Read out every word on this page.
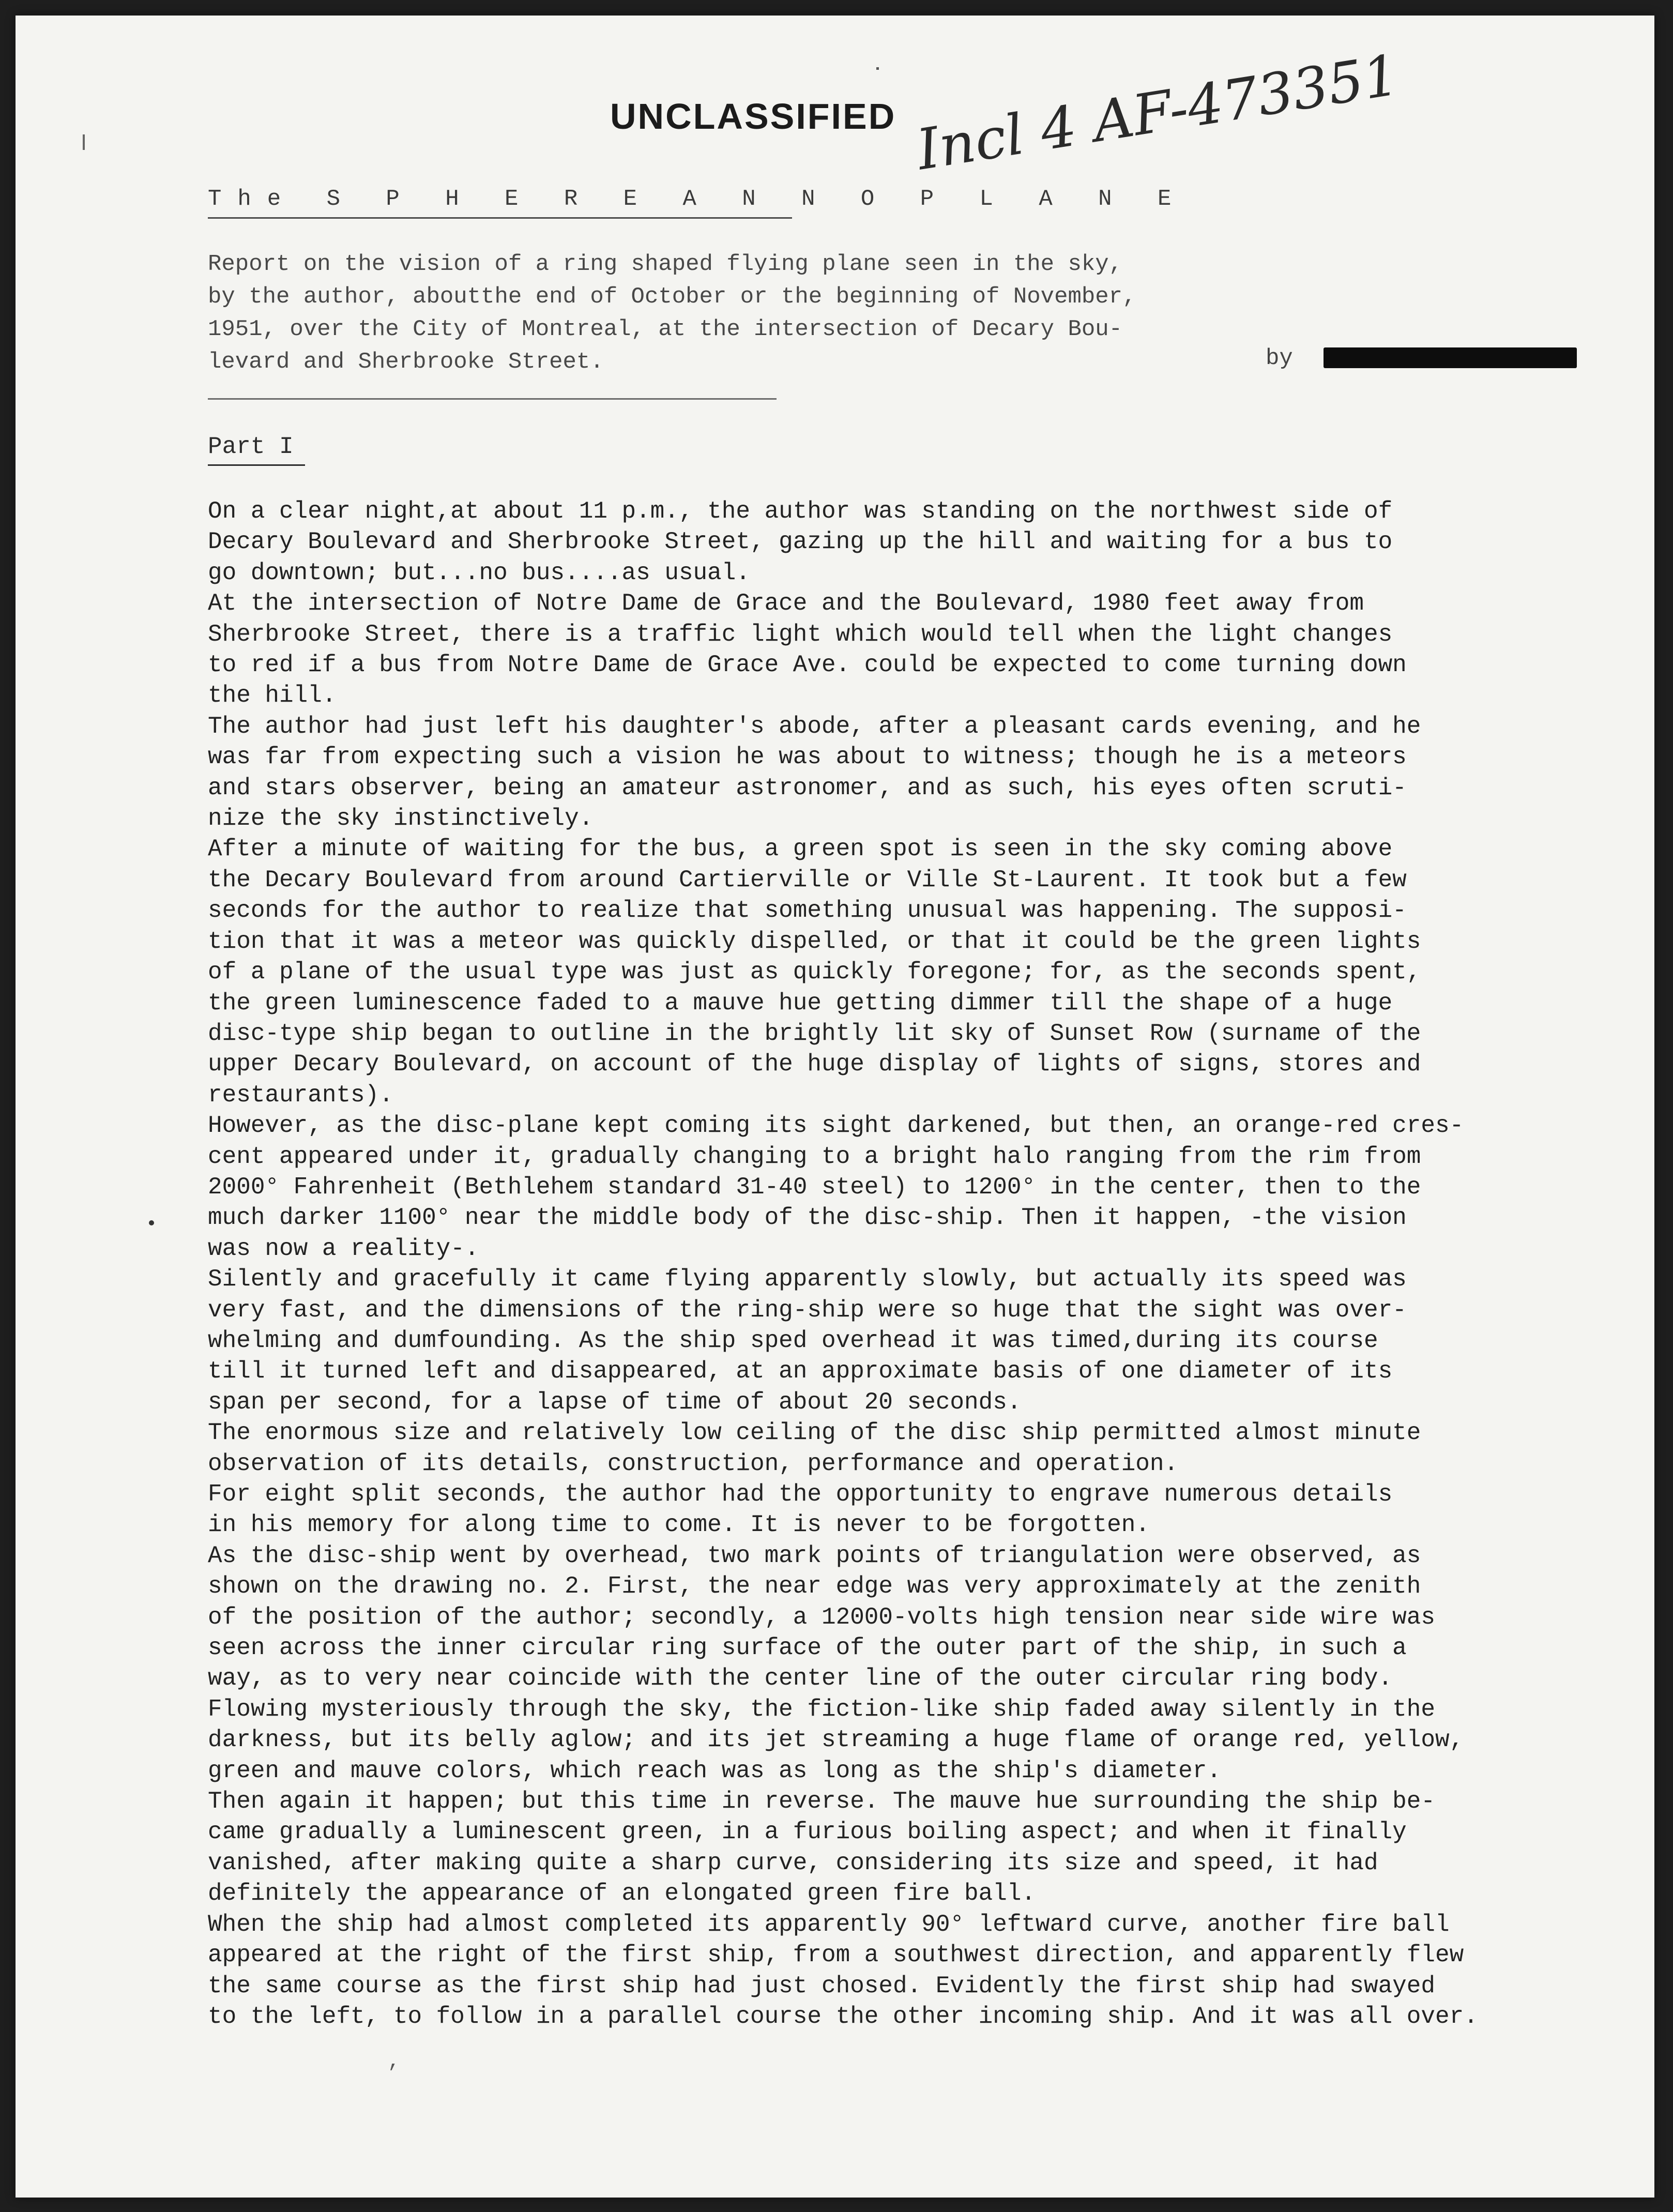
UNCLASSIFIED Incl 4 AF-473351
The S P H E R E A N N O P L A N E
Report on the vision of a ring shaped flying plane seen in the sky,
by the author, aboutthe end of October or the beginning of November,
1951, over the City of Montreal, at the intersection of Decary Bou-
levard and Sherbrooke Street.	by
Part I
On a clear night,at about 11 p.m., the author was standing on the northwest side of
Decary Boulevard and Sherbrooke Street, gazing up the hill and waiting for a bus to
go downtown; but...no bus....as usual.
At the intersection of Notre Dame de Grace and the Boulevard, 1980 feet away from
Sherbrooke Street, there is a traffic light which would tell when the light changes
to red if a bus from Notre Dame de Grace Ave. could be expected to come turning down
the hill.
The author had just left his daughter's abode, after a pleasant cards evening, and he
was far from expecting such a vision he was about to witness; though he is a meteors
and stars observer, being an amateur astronomer, and as such, his eyes often scruti-
nize the sky instinctively.
After a minute of waiting for the bus, a green spot is seen in the sky coming above
the Decary Boulevard from around Cartierville or Ville St-Laurent. It took but a few
seconds for the author to realize that something unusual was happening. The supposi-
tion that it was a meteor was quickly dispelled, or that it could be the green lights
of a plane of the usual type was just as quickly foregone; for, as the seconds spent,
the green luminescence faded to a mauve hue getting dimmer till the shape of a huge
disc-type ship began to outline in the brightly lit sky of Sunset Row (surname of the
upper Decary Boulevard, on account of the huge display of lights of signs, stores and
restaurants).
However, as the disc-plane kept coming its sight darkened, but then, an orange-red cres-
cent appeared under it, gradually changing to a bright halo ranging from the rim from
2000° Fahrenheit (Bethlehem standard 31-40 steel) to 1200° in the center, then to the
much darker 1100° near the middle body of the disc-ship. Then it happen, -the vision
was now a reality-.
Silently and gracefully it came flying apparently slowly, but actually its speed was
very fast, and the dimensions of the ring-ship were so huge that the sight was over-
whelming and dumfounding. As the ship sped overhead it was timed,during its course
till it turned left and disappeared, at an approximate basis of one diameter of its
span per second, for a lapse of time of about 20 seconds.
The enormous size and relatively low ceiling of the disc ship permitted almost minute
observation of its details, construction, performance and operation.
For eight split seconds, the author had the opportunity to engrave numerous details
in his memory for along time to come. It is never to be forgotten.
As the disc-ship went by overhead, two mark points of triangulation were observed, as
shown on the drawing no. 2. First, the near edge was very approximately at the zenith
of the position of the author; secondly, a 12000-volts high tension near side wire was
seen across the inner circular ring surface of the outer part of the ship, in such a
way, as to very near coincide with the center line of the outer circular ring body.
Flowing mysteriously through the sky, the fiction-like ship faded away silently in the
darkness, but its belly aglow; and its jet streaming a huge flame of orange red, yellow,
green and mauve colors, which reach was as long as the ship's diameter.
Then again it happen; but this time in reverse. The mauve hue surrounding the ship be-
came gradually a luminescent green, in a furious boiling aspect; and when it finally
vanished, after making quite a sharp curve, considering its size and speed, it had
definitely the appearance of an elongated green fire ball.
When the ship had almost completed its apparently 90° leftward curve, another fire ball
appeared at the right of the first ship, from a southwest direction, and apparently flew
the same course as the first ship had just chosed. Evidently the first ship had swayed
to the left, to follow in a parallel course the other incoming ship. And it was all over.
,
